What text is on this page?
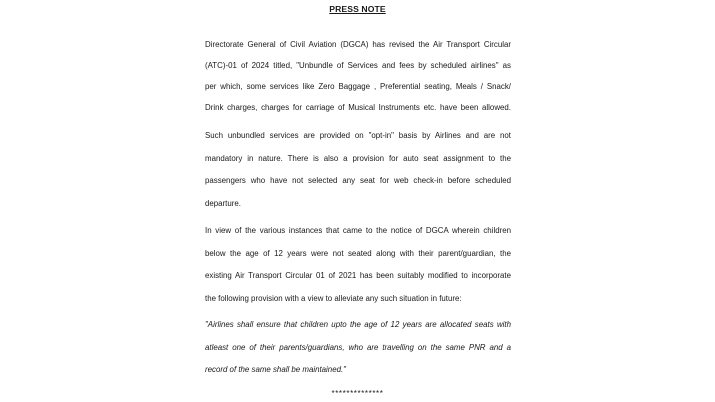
PRESS NOTE
Directorate General of Civil Aviation (DGCA) has revised the Air Transport Circular
(ATC)-01 of 2024 titled, "Unbundle of Services and fees by scheduled airlines" as
per which, some services like Zero Baggage , Preferential seating, Meals / Snack/
Drink charges, charges for carriage of Musical Instruments etc. have been allowed.
Such unbundled services are provided on "opt-in" basis by Airlines and are not
mandatory in nature. There is also a provision for auto seat assignment to the
passengers who have not selected any seat for web check-in before scheduled
departure.
In view of the various instances that came to the notice of DGCA wherein children
below the age of 12 years were not seated along with their parent/guardian, the
existing Air Transport Circular 01 of 2021 has been suitably modified to incorporate
the following provision with a view to alleviate any such situation in future:
"Airlines shall ensure that children upto the age of 12 years are allocated seats with
atleast one of their parents/guardians, who are travelling on the same PNR and a
record of the same shall be maintained."
**************
